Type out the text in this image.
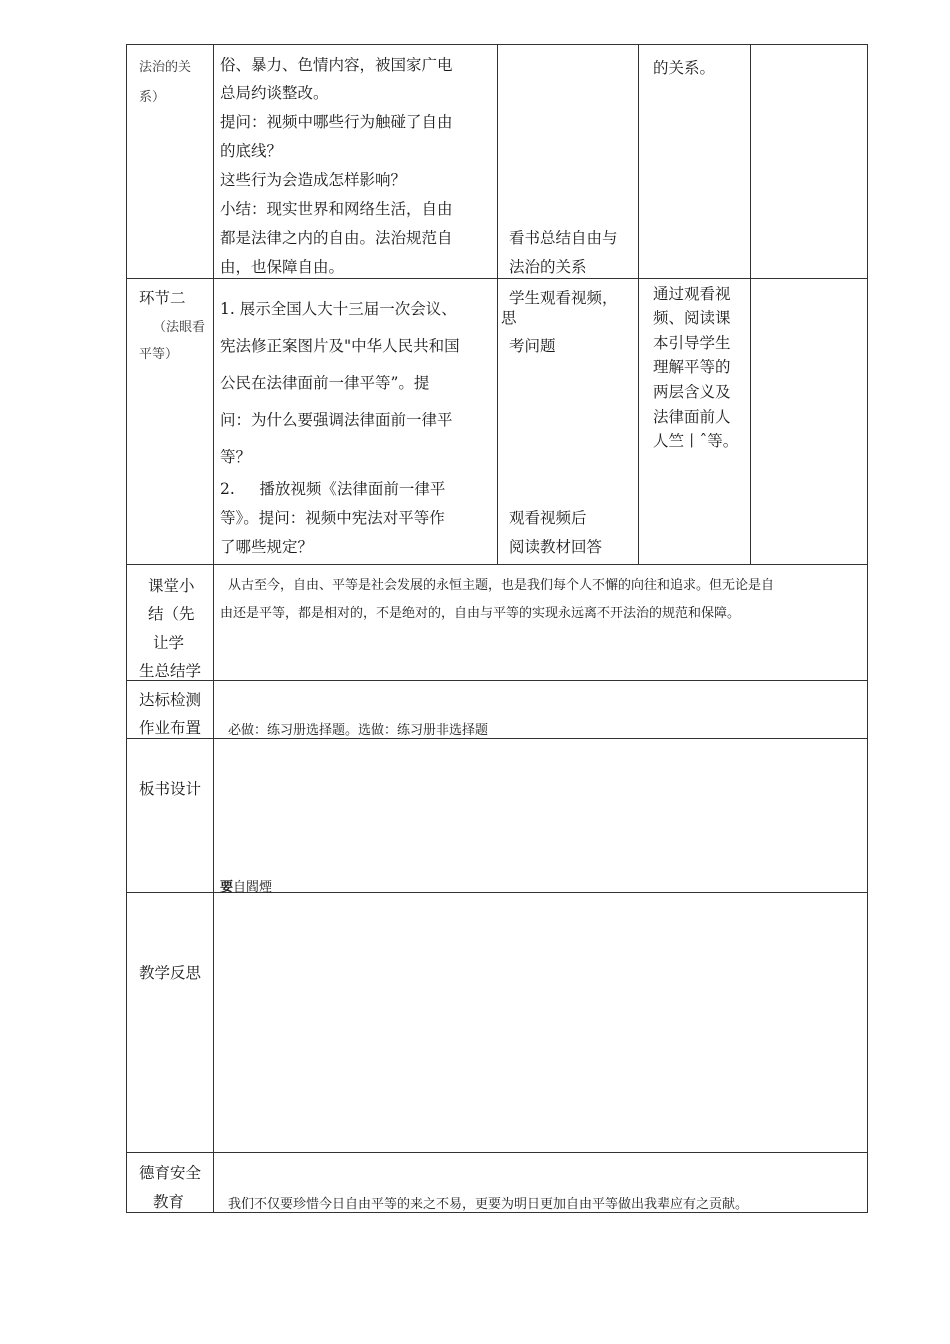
法治的关
系）
俗、暴力、色情内容，被国家广电
总局约谈整改。
提问：视频中哪些行为触碰了自由
的底线？
这些行为会造成怎样影响？
小结：现实世界和网络生活，自由
都是法律之内的自由。法治规范自
由，也保障自由。
看书总结自由与
法治的关系
的关系。
环节二
（法眼看
平等）
1. 展示全国人大十三届一次会议、
宪法修正案图片及"中华人民共和国
公民在法律面前一律平等”。提
问：为什么要强调法律面前一律平
等？
2.     播放视频《法律面前一律平
等》。提问：视频中宪法对平等作
了哪些规定？
学生观看视频，
思
考问题
观看视频后
阅读教材回答
通过观看视
频、阅读课
本引导学生
理解平等的
两层含义及
法律面前人
人竺丨ˆ等。
课堂小
结（先
让学
生总结学
从古至今，自由、平等是社会发展的永恒主题，也是我们每个人不懈的向往和追求。但无论是自
由还是平等，都是相对的，不是绝对的，自由与平等的实现永远离不开法治的规范和保障。
达标检测
作业布置 必做：练习册选择题。选做：练习册非选择题
板书设计
要自閻煙
教学反思
德育安全
教育	我们不仅要珍惜今日自由平等的来之不易，更要为明日更加自由平等做出我辈应有之贡献。
